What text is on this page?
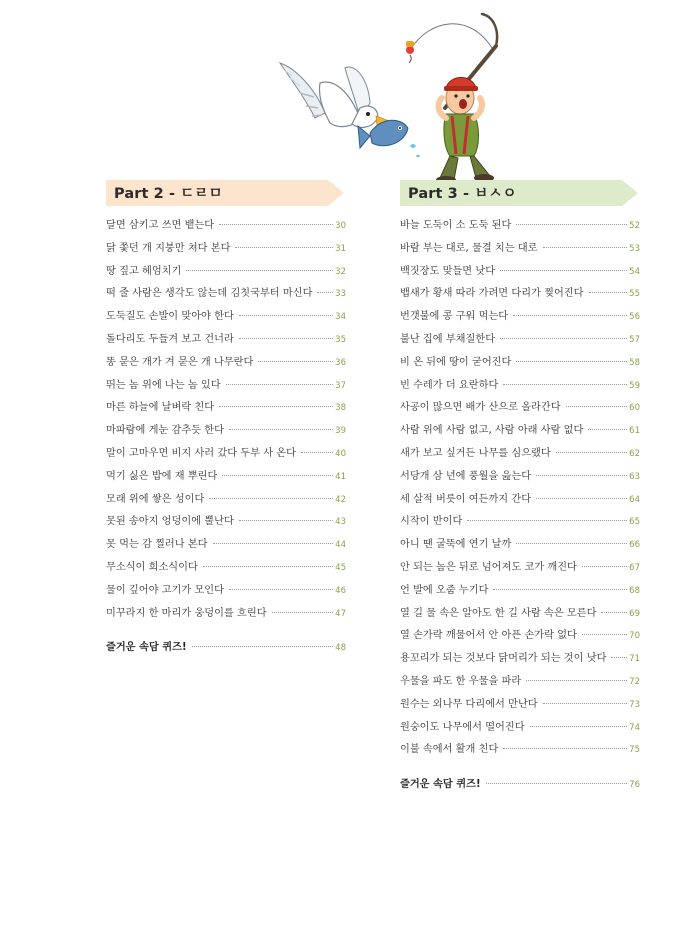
Part 2 - ㄷㄹㅁ
달면 삼키고 쓰면 뱉는다	30
닭 쫓던 개 지붕만 쳐다 본다	31
땅 짚고 헤엄치기	32
떡 줄 사람은 생각도 않는데 김칫국부터 마신다	33
도둑질도 손발이 맞아야 한다	34
돌다리도 두들겨 보고 건너라	35
똥 묻은 개가 겨 묻은 개 나무란다	36
뛰는 놈 위에 나는 놈 있다	37
마른 하늘에 날벼락 친다	38
마파람에 게눈 감추듯 한다	39
말이 고마우면 비지 사러 갔다 두부 사 온다	40
먹기 싫은 밥에 재 뿌린다	41
모래 위에 쌓은 성이다	42
못된 송아지 엉덩이에 뿔난다	43
못 먹는 감 찔러나 본다	44
무소식이 희소식이다	45
물이 깊어야 고기가 모인다	46
미꾸라지 한 마리가 웅덩이를 흐린다	47
즐거운 속담 퀴즈!	48
Part 3 - ㅂㅅㅇ
바늘 도둑이 소 도둑 된다	52
바람 부는 대로, 물결 치는 대로	53
백짓장도 맞들면 낫다	54
뱁새가 황새 따라 가려면 다리가 찢어진다	55
번갯불에 콩 구워 먹는다	56
불난 집에 부채질한다	57
비 온 뒤에 땅이 굳어진다	58
빈 수레가 더 요란하다	59
사공이 많으면 배가 산으로 올라간다	60
사람 위에 사람 없고, 사람 아래 사람 없다	61
새가 보고 싶거든 나무를 심으랬다	62
서당개 삼 년에 풍월을 읊는다	63
세 살적 버릇이 여든까지 간다	64
시작이 반이다	65
아니 땐 굴뚝에 연기 날까	66
안 되는 놈은 뒤로 넘어져도 코가 깨진다	67
언 발에 오줌 누기다	68
열 길 물 속은 알아도 한 길 사람 속은 모른다	69
열 손가락 깨물어서 안 아픈 손가락 없다	70
용꼬리가 되는 것보다 닭머리가 되는 것이 낫다	71
우물을 파도 한 우물을 파라	72
원수는 외나무 다리에서 만난다	73
원숭이도 나무에서 떨어진다	74
이불 속에서 활개 친다	75
즐거운 속담 퀴즈!	76
